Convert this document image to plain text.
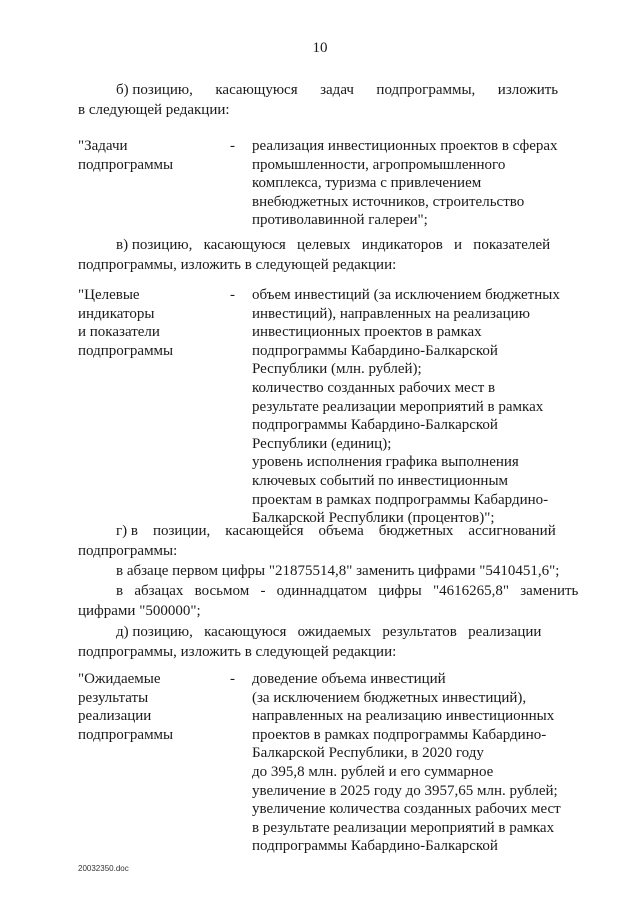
10
б) позицию,      касающуюся      задач      подпрограммы,      изложить
в следующей редакции:
"Задачи
подпрограммы
- реализация инвестиционных проектов в сферах
промышленности, агропромышленного
комплекса, туризма с привлечением
внебюджетных источников, строительство
противолавинной галереи";
в) позицию,   касающуюся   целевых   индикаторов   и   показателей
подпрограммы, изложить в следующей редакции:
"Целевые
индикаторы
и показатели
подпрограммы
- объем инвестиций (за исключением бюджетных
инвестиций), направленных на реализацию
инвестиционных проектов в рамках
подпрограммы Кабардино-Балкарской
Республики (млн. рублей);
количество созданных рабочих мест в
результате реализации мероприятий в рамках
подпрограммы Кабардино-Балкарской
Республики (единиц);
уровень исполнения графика выполнения
ключевых событий по инвестиционным
проектам в рамках подпрограммы Кабардино-
Балкарской Республики (процентов)";
г) в    позиции,    касающейся    объема    бюджетных    ассигнований
подпрограммы:
в абзаце первом цифры "21875514,8" заменить цифрами "5410451,6";
в   абзацах   восьмом   -   одиннадцатом   цифры   "4616265,8"   заменить
цифрами "500000";
д) позицию,   касающуюся   ожидаемых   результатов   реализации
подпрограммы, изложить в следующей редакции:
"Ожидаемые
результаты
реализации
подпрограммы
- доведение объема инвестиций
(за исключением бюджетных инвестиций),
направленных на реализацию инвестиционных
проектов в рамках подпрограммы Кабардино-
Балкарской Республики, в 2020 году
до 395,8 млн. рублей и его суммарное
увеличение в 2025 году до 3957,65 млн. рублей;
увеличение количества созданных рабочих мест
в результате реализации мероприятий в рамках
подпрограммы Кабардино-Балкарской
20032350.doc
